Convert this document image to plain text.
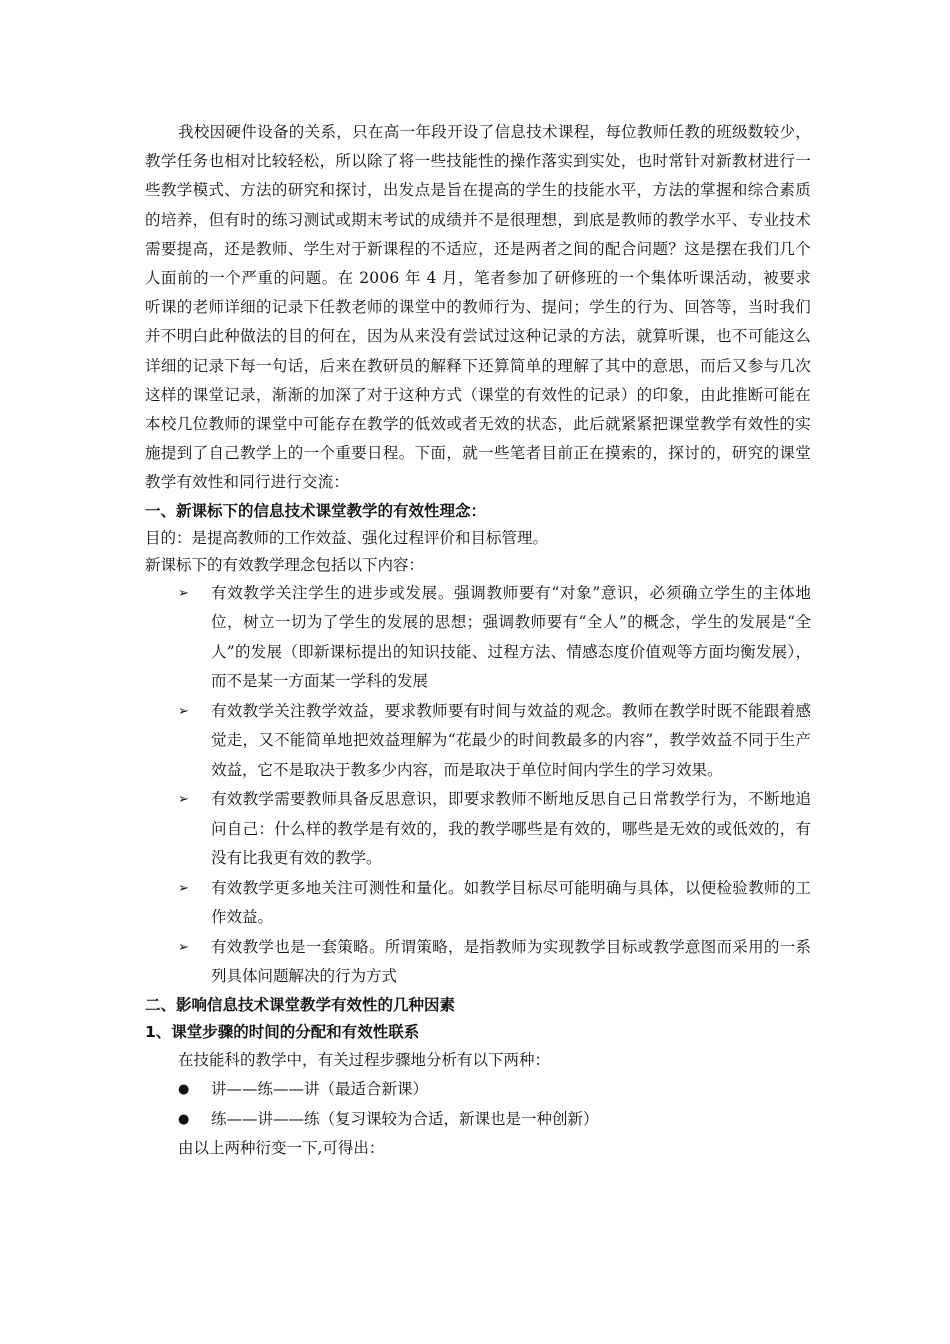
我校因硬件设备的关系，只在高一年段开设了信息技术课程，每位教师任教的班级数较少，教学任务也相对比较轻松，所以除了将一些技能性的操作落实到实处，也时常针对新教材进行一些教学模式、方法的研究和探讨，出发点是旨在提高的学生的技能水平，方法的掌握和综合素质的培养，但有时的练习测试或期末考试的成绩并不是很理想，到底是教师的教学水平、专业技术需要提高，还是教师、学生对于新课程的不适应，还是两者之间的配合问题？这是摆在我们几个人面前的一个严重的问题。在 2006 年 4 月，笔者参加了研修班的一个集体听课活动，被要求听课的老师详细的记录下任教老师的课堂中的教师行为、提问；学生的行为、回答等，当时我们并不明白此种做法的目的何在，因为从来没有尝试过这种记录的方法，就算听课，也不可能这么详细的记录下每一句话，后来在教研员的解释下还算简单的理解了其中的意思，而后又参与几次这样的课堂记录，渐渐的加深了对于这种方式（课堂的有效性的记录）的印象，由此推断可能在本校几位教师的课堂中可能存在教学的低效或者无效的状态，此后就紧紧把课堂教学有效性的实施提到了自己教学上的一个重要日程。下面，就一些笔者目前正在摸索的，探讨的，研究的课堂教学有效性和同行进行交流：

一、新课标下的信息技术课堂教学的有效性理念：

目的：是提高教师的工作效益、强化过程评价和目标管理。

新课标下的有效教学理念包括以下内容：

➢ 有效教学关注学生的进步或发展。强调教师要有“对象”意识，必须确立学生的主体地位，树立一切为了学生的发展的思想；强调教师要有“全人”的概念，学生的发展是“全人”的发展（即新课标提出的知识技能、过程方法、情感态度价值观等方面均衡发展），而不是某一方面某一学科的发展
➢ 有效教学关注教学效益，要求教师要有时间与效益的观念。教师在教学时既不能跟着感觉走，又不能简单地把效益理解为“花最少的时间教最多的内容”，教学效益不同于生产效益，它不是取决于教多少内容，而是取决于单位时间内学生的学习效果。
➢ 有效教学需要教师具备反思意识，即要求教师不断地反思自己日常教学行为，不断地追问自己：什么样的教学是有效的，我的教学哪些是有效的，哪些是无效的或低效的，有没有比我更有效的教学。
➢ 有效教学更多地关注可测性和量化。如教学目标尽可能明确与具体，以便检验教师的工作效益。
➢ 有效教学也是一套策略。所谓策略，是指教师为实现教学目标或教学意图而采用的一系列具体问题解决的行为方式

二、影响信息技术课堂教学有效性的几种因素

1、课堂步骤的时间的分配和有效性联系

在技能科的教学中，有关过程步骤地分析有以下两种：

● 讲——练——讲（最适合新课）
● 练——讲——练（复习课较为合适，新课也是一种创新）

由以上两种衍变一下,可得出：
